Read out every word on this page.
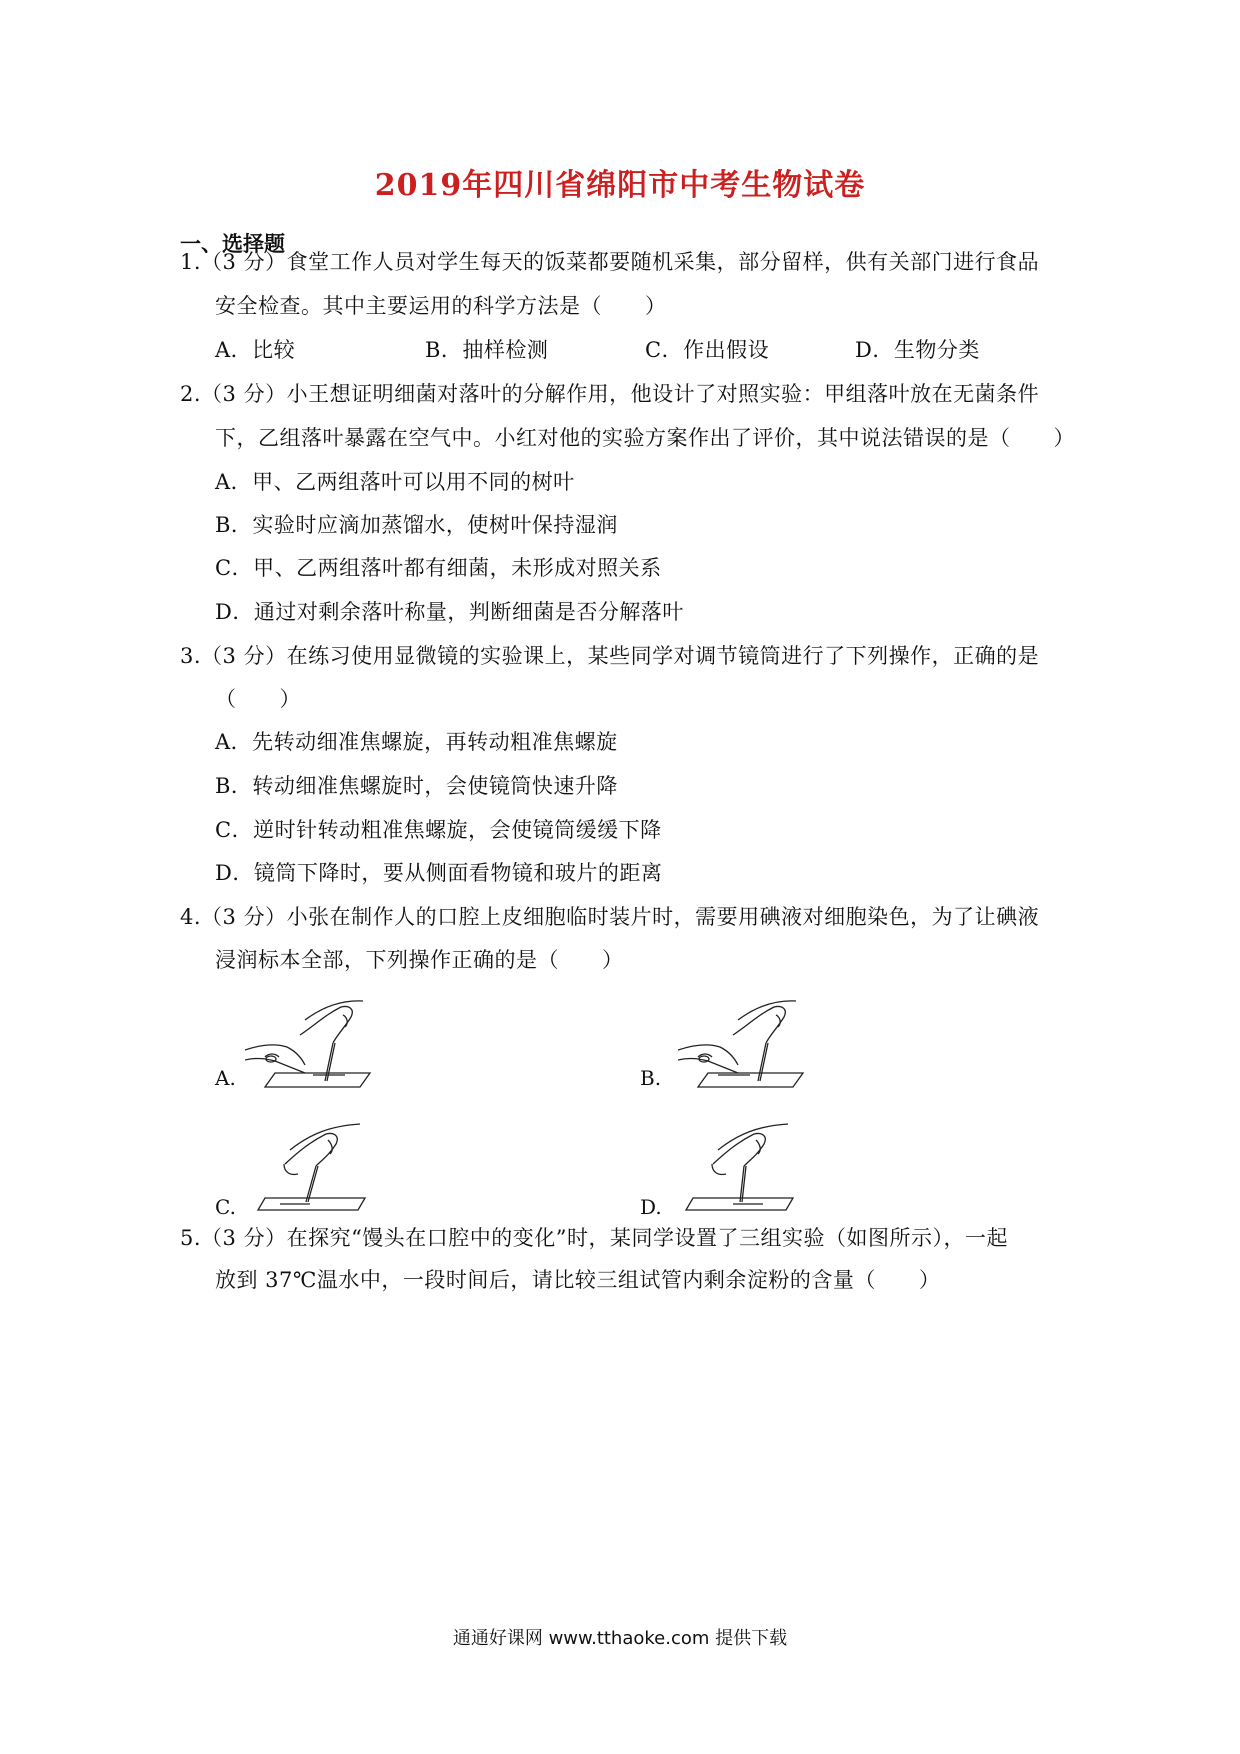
2019年四川省绵阳市中考生物试卷
一、选择题
1.（3 分）食堂工作人员对学生每天的饭菜都要随机采集，部分留样，供有关部门进行食品
安全检查。其中主要运用的科学方法是（　　）
A．比较	B．抽样检测	C．作出假设	D．生物分类
2.（3 分）小王想证明细菌对落叶的分解作用，他设计了对照实验：甲组落叶放在无菌条件
下，乙组落叶暴露在空气中。小红对他的实验方案作出了评价，其中说法错误的是（　　）
A．甲、乙两组落叶可以用不同的树叶
B．实验时应滴加蒸馏水，使树叶保持湿润
C．甲、乙两组落叶都有细菌，未形成对照关系
D．通过对剩余落叶称量，判断细菌是否分解落叶
3.（3 分）在练习使用显微镜的实验课上，某些同学对调节镜筒进行了下列操作，正确的是
（　　）
A．先转动细准焦螺旋，再转动粗准焦螺旋
B．转动细准焦螺旋时，会使镜筒快速升降
C．逆时针转动粗准焦螺旋，会使镜筒缓缓下降
D．镜筒下降时，要从侧面看物镜和玻片的距离
4.（3 分）小张在制作人的口腔上皮细胞临时装片时，需要用碘液对细胞染色，为了让碘液
浸润标本全部，下列操作正确的是（　　）
A.	B.
C.	D.
5.（3 分）在探究“馒头在口腔中的变化”时，某同学设置了三组实验（如图所示），一起
放到 37℃温水中，一段时间后，请比较三组试管内剩余淀粉的含量（　　）
通通好课网 www.tthaoke.com 提供下载
